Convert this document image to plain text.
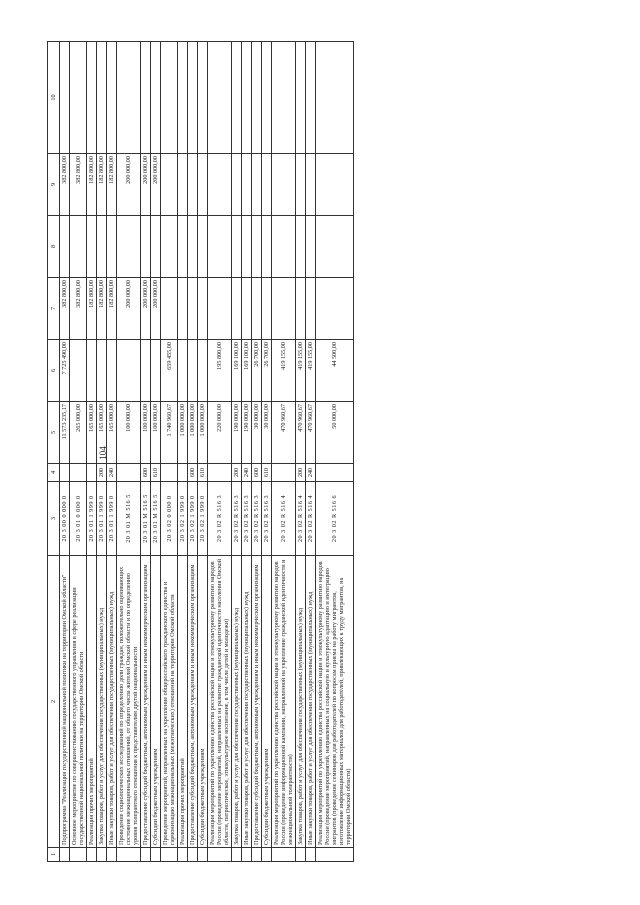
104
1	2	3	4	5	6	7	8	9	10
	Подпрограмма "Реализация государственной национальной политики на территории Омской области"	20 3 00 0 000 0		11 573 235,17	7 725 490,00	382 800,00		382 800,00	
	Основное мероприятие по совершенствованию государственного управления в сфере реализации государственной национальной политики на территории Омской области	20 3 01 0 000 0		265 000,00		382 800,00		382 800,00	
	Реализация прочих мероприятий	20 3 01 1 999 0		165 000,00		182 800,00		182 800,00	
	Закупка товаров, работ и услуг для обеспечения государственных (муниципальных) нужд	20 3 01 1 999 0	200	165 000,00		182 800,00		182 800,00	
	Иные закупки товаров, работ и услуг для обеспечения государственных (муниципальных) нужд	20 3 01 1 999 0	240	165 000,00		182 800,00		182 800,00	
	Проведение социологических исследований по определению доли граждан, положительно оценивающих состояние межнациональных отношений, от общего числа жителей Омской области и по определению уровня толерантного отношения к представителям другой национальности	20 3 01 M 516 5		100 000,00		200 000,00		200 000,00	
	Предоставление субсидий бюджетным, автономным учреждениям и иным некоммерческим организациям	20 3 01 M 516 5	600	100 000,00		200 000,00		200 000,00	
	Субсидии бюджетным учреждениям	20 3 01 M 516 5	610	100 000,00		200 000,00		200 000,00	
	Проведение мероприятий, направленных на укрепление общероссийского гражданского единства и гармонизацию межнациональных (межэтнических) отношений на территории Омской области	20 3 02 0 000 0		1 740 960,67	659 455,00				
	Реализация прочих мероприятий	20 3 02 1 999 0		1 000 000,00					
	Предоставление субсидий бюджетным, автономным учреждениям и иным некоммерческим организациям	20 3 02 1 999 0	600	1 000 000,00					
	Субсидии бюджетным учреждениям	20 3 02 1 999 0	610	1 000 000,00					
	Реализация мероприятий по укреплению единства российской нации и этнокультурному развитию народов России (проведение мероприятий, направленных на развитие гражданской идентичности населения Омской области, патриотическое, этнокультурное воспитание, в том числе детей и молодежи)	20 3 02 R 516 3		220 000,00	195 800,00				
	Закупка товаров, работ и услуг для обеспечения государственных (муниципальных) нужд	20 3 02 R 516 3	200	190 000,00	169 100,00				
	Иные закупки товаров, работ и услуг для обеспечения государственных (муниципальных) нужд	20 3 02 R 516 3	240	190 000,00	169 100,00				
	Предоставление субсидий бюджетным, автономным учреждениям и иным некоммерческим организациям	20 3 02 R 516 3	600	30 000,00	26 700,00				
	Субсидии бюджетным учреждениям	20 3 02 R 516 3	610	30 000,00	26 700,00				
	Реализация мероприятий по укреплению единства российской нации и этнокультурному развитию народов России (проведение информационной кампании, направленной на укрепление гражданской идентичности и межнациональной толерантности)	20 3 02 R 516 4		470 960,67	419 155,00				
	Закупка товаров, работ и услуг для обеспечения государственных (муниципальных) нужд	20 3 02 R 516 4	200	470 960,67	419 155,00				
	Иные закупки товаров, работ и услуг для обеспечения государственных (муниципальных) нужд	20 3 02 R 516 4	240	470 960,67	419 155,00				
	Реализация мероприятий по укреплению единства российской нации и этнокультурному развитию народов России (проведение мероприятий, направленных на социальную и культурную адаптацию и интеграцию мигрантов (проведение семинаров для работодателей по вопросам приема на работу мигрантов, изготовление информационных материалов для работодателей, привлекающих к труду мигрантов, на территории Омской области)	20 3 02 R 516 6		50 000,00	44 500,00				
